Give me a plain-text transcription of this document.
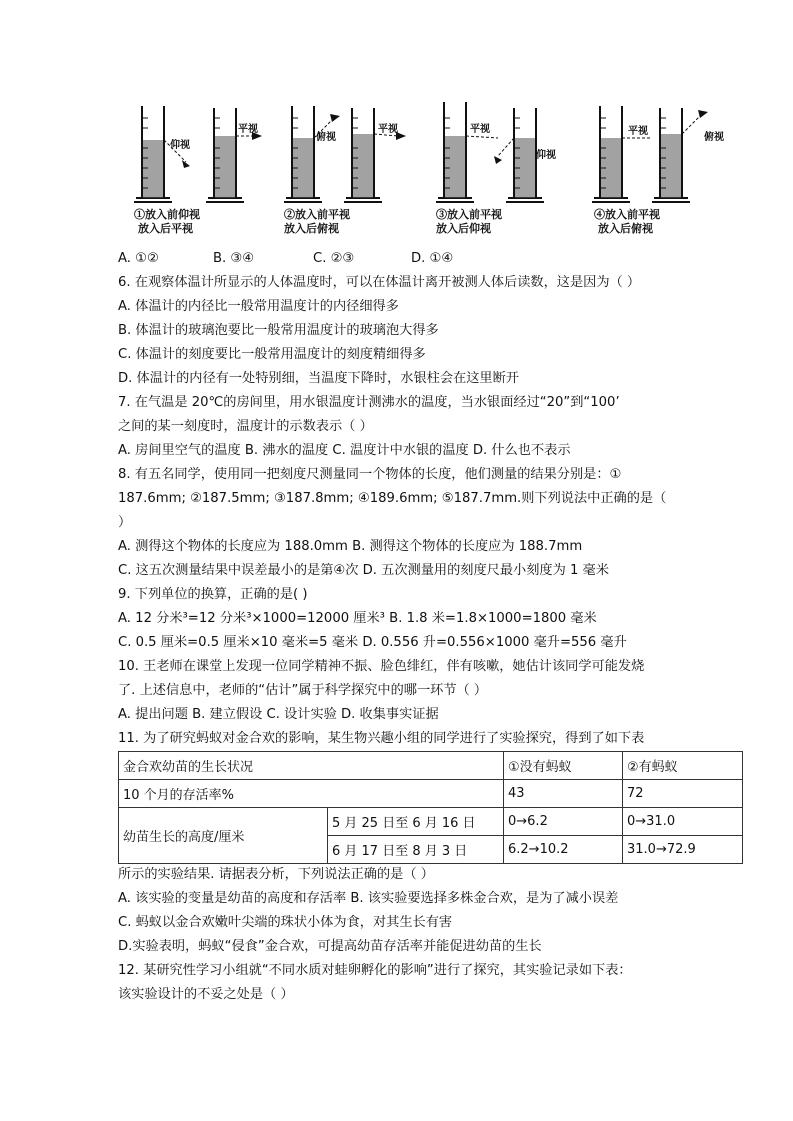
仰视
平视
①放入前仰视
放入后平视
俯视
平视
②放入前平视
放入后俯视
平视
仰视
③放入前平视
放入后仰视
平视
俯视
④放入前平视
放入后俯视
A. ①②	B. ③④	C. ②③	D. ①④
6. 在观察体温计所显示的人体温度时，可以在体温计离开被测人体后读数，这是因为（ ）
A. 体温计的内径比一般常用温度计的内径细得多
B. 体温计的玻璃泡要比一般常用温度计的玻璃泡大得多
C. 体温计的刻度要比一般常用温度计的刻度精细得多
D. 体温计的内径有一处特别细，当温度下降时，水银柱会在这里断开
7. 在气温是 20℃的房间里，用水银温度计测沸水的温度，当水银面经过“20”到“100’
之间的某一刻度时，温度计的示数表示（ ）
A. 房间里空气的温度 B. 沸水的温度 C. 温度计中水银的温度 D. 什么也不表示
8. 有五名同学，使用同一把刻度尺测量同一个物体的长度，他们测量的结果分别是：①
187.6mm; ②187.5mm; ③187.8mm; ④189.6mm; ⑤187.7mm.则下列说法中正确的是（
）
A. 测得这个物体的长度应为 188.0mm B. 测得这个物体的长度应为 188.7mm
C. 这五次测量结果中误差最小的是第④次 D. 五次测量用的刻度尺最小刻度为 1 毫米
9. 下列单位的换算，正确的是( )
A. 12 分米³=12 分米³×1000=12000 厘米³ B. 1.8 米=1.8×1000=1800 毫米
C. 0.5 厘米=0.5 厘米×10 毫米=5 毫米 D. 0.556 升=0.556×1000 毫升=556 毫升
10. 王老师在课堂上发现一位同学精神不振、脸色绯红，伴有咳嗽，她估计该同学可能发烧
了. 上述信息中，老师的“估计”属于科学探究中的哪一环节（ ）
A. 提出问题 B. 建立假设 C. 设计实验 D. 收集事实证据
11. 为了研究蚂蚁对金合欢的影响，某生物兴趣小组的同学进行了实验探究，得到了如下表
金合欢幼苗的生长状况		①没有蚂蚁	②有蚂蚁
10 个月的存活率%		43	72
幼苗生长的高度/厘米	5 月 25 日至 6 月 16 日	0→6.2	0→31.0
	6 月 17 日至 8 月 3 日	6.2→10.2	31.0→72.9
所示的实验结果. 请据表分析，下列说法正确的是（ ）
A. 该实验的变量是幼苗的高度和存活率 B. 该实验要选择多株金合欢，是为了减小误差
C. 蚂蚁以金合欢嫩叶尖端的珠状小体为食，对其生长有害
D.实验表明，蚂蚁“侵食”金合欢，可提高幼苗存活率并能促进幼苗的生长
12. 某研究性学习小组就“不同水质对蛙卵孵化的影响”进行了探究，其实验记录如下表：
该实验设计的不妥之处是（ ）
